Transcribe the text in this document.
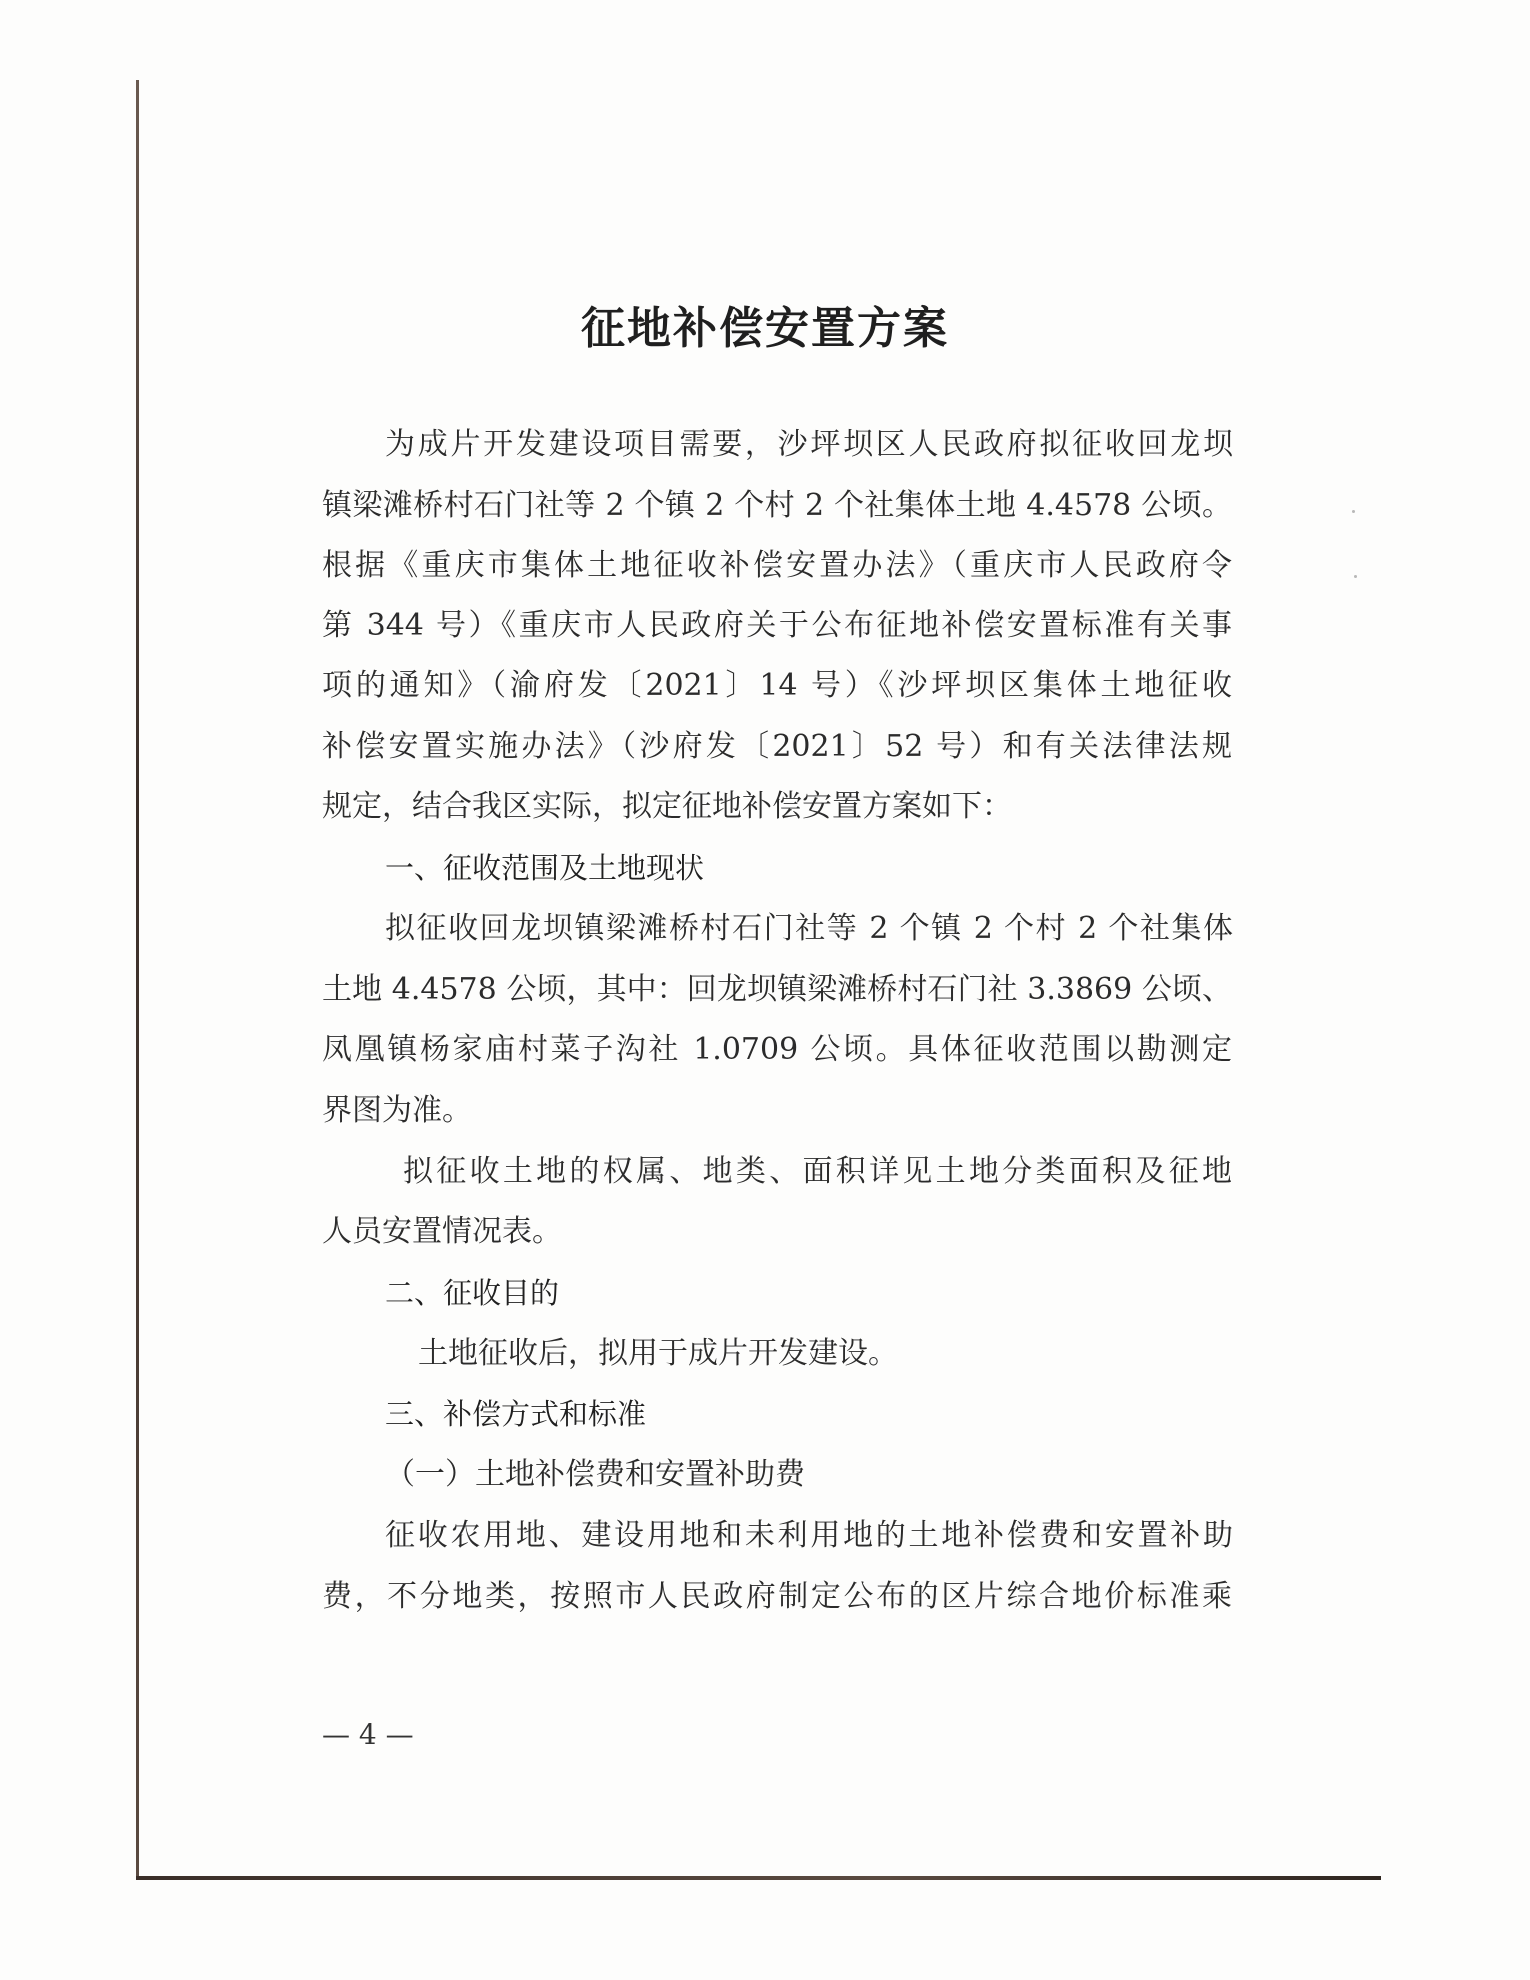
征地补偿安置方案
为成片开发建设项目需要，沙坪坝区人民政府拟征收回龙坝
镇梁滩桥村石门社等 2 个镇 2 个村 2 个社集体土地 4.4578 公顷。
根据《重庆市集体土地征收补偿安置办法》（重庆市人民政府令
第 344 号）《重庆市人民政府关于公布征地补偿安置标准有关事
项的通知》（渝府发〔2021〕14 号）《沙坪坝区集体土地征收
补偿安置实施办法》（沙府发〔2021〕52 号）和有关法律法规
规定，结合我区实际，拟定征地补偿安置方案如下：
一、征收范围及土地现状
拟征收回龙坝镇梁滩桥村石门社等 2 个镇 2 个村 2 个社集体
土地 4.4578 公顷，其中：回龙坝镇梁滩桥村石门社 3.3869 公顷、
凤凰镇杨家庙村菜子沟社 1.0709 公顷。具体征收范围以勘测定
界图为准。
拟征收土地的权属、地类、面积详见土地分类面积及征地
人员安置情况表。
二、征收目的
土地征收后，拟用于成片开发建设。
三、补偿方式和标准
（一）土地补偿费和安置补助费
征收农用地、建设用地和未利用地的土地补偿费和安置补助
费，不分地类，按照市人民政府制定公布的区片综合地价标准乘
— 4 —
